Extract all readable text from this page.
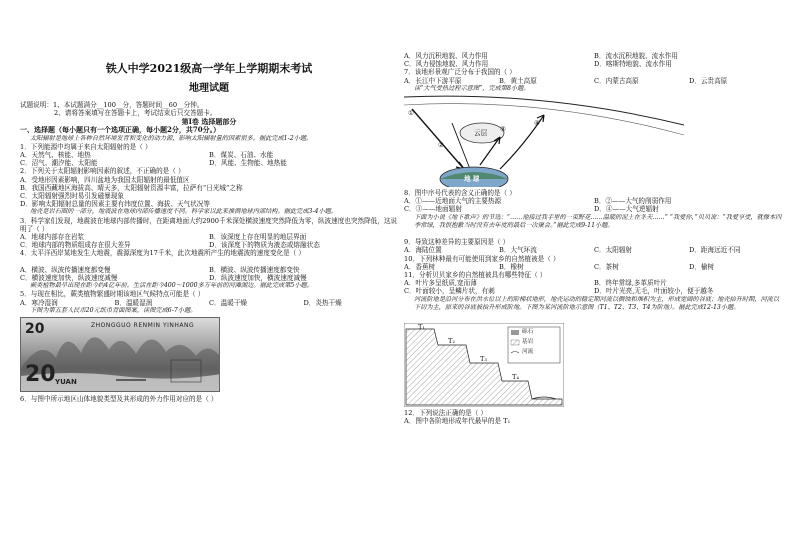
铁人中学2021级高一学年上学期期末考试
地理试题
试题说明：1、本试题满分__100__分，答题时间__60__分钟。
2、请将答案填写在答题卡上，考试结束后只交答题卡。
第Ⅰ卷 选择题部分
一、选择题（每小题只有一个选项正确，每小题2分，共70分。）
太阳辐射是地球上各种自然环境发育和变化的动力源，影响太阳辐射量的因素很多。据此完成1-2小题。
1．下列能源中均属于来自太阳辐射的是（ ）
A．天然气、核能、地热	B．煤炭、石油、水能
C．沼气、潮汐能、太阳能	D．风能、生物能、地热能
2．下列关于太阳辐射影响因素的叙述，不正确的是（ ）
A．受地形因素影响，四川盆地为我国太阳辐射的最低值区
B．我国西藏地区海拔高、晴天多，太阳辐射资源丰富，拉萨有“日光城”之称
C．太阳辐射强烈时易引发磁暴现象
D．影响太阳辐射总量的因素主要有纬度位置、海拔、天气状况等
地壳是岩石圈的一部分，地震波在地球内部传播速度不同。科学家以此来推测地球内部结构。据此完成3-4小题。
3．科学家们发现，地震波在地球内部传播时，在距离地面大约2900千米深处横波速度突然降低为零，纵波速度也突然降低，这说明了（ ）
A．地球内部存在岩浆	B．该深度上存在明显的地层界面
C．地球内部的物质组成存在很大差异	D．该深度下的物质为液态或熔融状态
4．太平洋西岸某地发生大地震，震源深度为17千米，此次地震所产生的地震波的速度变化是（ ）
A．横波、纵波传播速度都变慢	B．横波、纵波传播速度都变快
C．横波速度加快，纵波速度减慢	D．纵波速度加快，横波速度减慢
蕨类植物最早出现在距今约4亿年前。生活在距今400～1000多万年前的河滩湖边。据此完成第5小题。
5．与现在相比，蕨类植物繁盛时期该地区气候特点可能是（ ）
A．寒冷湿润	B．温暖湿润	C．温暖干燥	D．炎热干燥
下图为第五套人民币20元纸币背面图案，读图完成6-7小题。
20	ZHONGGUO RENMIN YINHANG
20 YUAN
6．与图中所示地区山体地貌类型及其形成的外力作用对应的是（ ）
A．风力沉积地貌、风力作用	B．流水沉积地貌、流水作用
C．风力侵蚀地貌、风力作用	D．喀斯特地貌、流水作用
7．该地形景观广泛分布于我国的（ ）
A．长江中下游平原	B．黄土高原	C．内蒙古高原	D．云贵高原
读“大气受热过程示意图”，完成第8小题。
①
②
③
④
云层
地 球
8．图中序号代表的含义正确的是（ ）
A．①——近地面大气的主要热源	B．②——大气的削弱作用
C．③——地面辐射	D．④——大气逆辐射
下面为小说《地下歌声》的节选：“……他接过我手里的一束野花……温暖的泥土在冬天……” “我爱你，”贝贝说：“我爱享受，就像本四季常绿，我很抱歉当时没有去年度的最后一次聚会。”据此完成9-11小题。
9．导致这种差异的主要原因是（ ）
A．海陆位置	B．大气环流	C．太阳辐射	D．距海远近不同
10．下列林种最有可能使用到家乡的自然植被是（ ）
A．香蕉树	B．橡树	C．茶树	D．榆树
11．分析贝贝家乡的自然植被具有哪些特征（ ）
A．叶片多呈纸质,宽而薄	B．终年常绿,多革质叶片
C．叶面较小，呈鳞片状，有刺	D．叶片光亮,无毛，叶面较小，便于越冬
河流阶地是沿河分布在洪水位以上的阶梯状地形，地壳运动的稳定期河流以侧蚀和堆积为主，形成宽阔的谷底；地壳抬升时期，河流以下切为主，原来的谷底被抬升形成阶地。下图为某河流阶地示意图（T1、T2、T3、T4为阶地）。据此完成12-13小题。
砾石
基岩
河流
T₁
T₂
T₃
T₄
12．下列说法正确的是（ ）
A．图中各阶地形成年代最早的是 T₁
